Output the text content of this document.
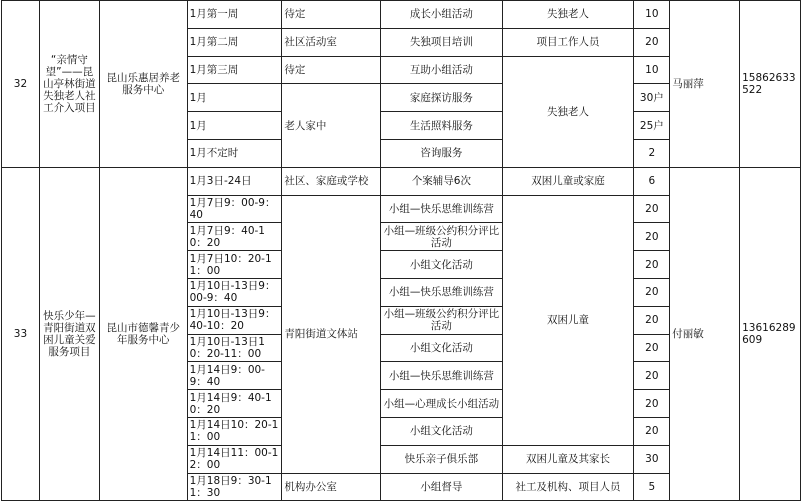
32	“亲情守望”——昆山亭林街道失独老人社工介入项目	昆山乐惠居养老服务中心	1月第一周	待定	成长小组活动	失独老人	10	马丽萍	15862633522
			1月第二周	社区活动室	失独项目培训	项目工作人员	20		
			1月第三周	待定	互助小组活动	失独老人	10		
			1月	老人家中	家庭探访服务		30户		
			1月		生活照料服务		25户		
			1月不定时		咨询服务		2		
33	快乐少年—青阳街道双困儿童关爱服务项目	昆山市德馨青少年服务中心	1月3日-24日	社区、家庭或学校	个案辅导6次	双困儿童或家庭	6	付丽敏	13616289609
			1月7日9：00-9：40	青阳街道文体站	小组—快乐思维训练营	双困儿童	20		
			1月7日9：40-10：20		小组—班级公约积分评比活动		20		
			1月7日10：20-11：00		小组文化活动		20		
			1月10日-13日9：00-9：40		小组—快乐思维训练营		20		
			1月10日-13日9：40-10：20		小组—班级公约积分评比活动		20		
			1月10日-13日10：20-11：00		小组文化活动		20		
			1月14日9：00-9：40		小组—快乐思维训练营		20		
			1月14日9：40-10：20		小组—心理成长小组活动		20		
			1月14日10：20-11：00		小组文化活动		20		
			1月14日11：00-12：00		快乐亲子俱乐部	双困儿童及其家长	30		
			1月18日9：30-11：30	机构办公室	小组督导	社工及机构、项目人员	5		
